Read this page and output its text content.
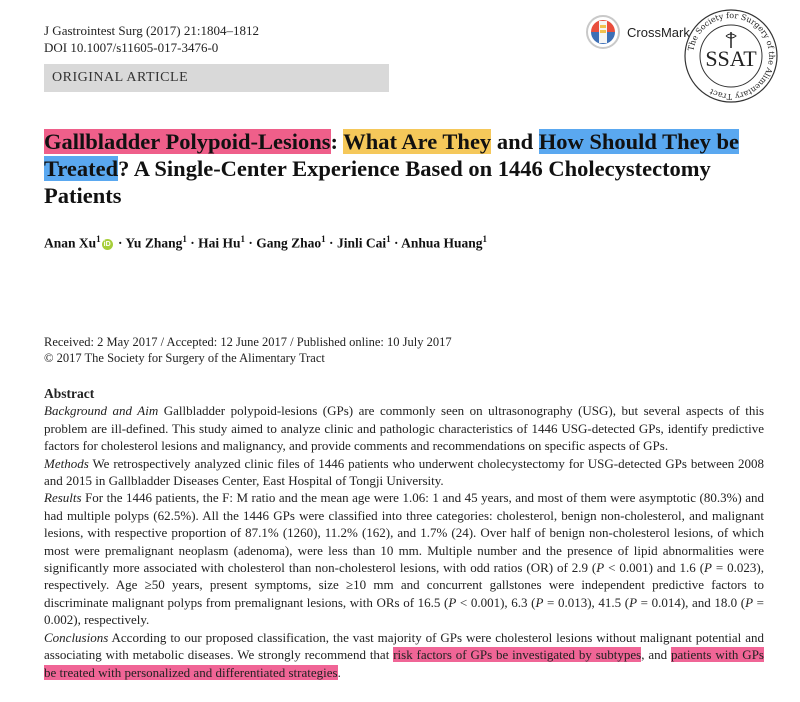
J Gastrointest Surg (2017) 21:1804–1812
DOI 10.1007/s11605-017-3476-0
CrossMark
The Society for Surgery of the Alimentary Tract
SSAT
ORIGINAL ARTICLE
Gallbladder Polypoid-Lesions: What Are They and How Should They be Treated? A Single-Center Experience Based on 1446 Cholecystectomy Patients
Anan $Xu^1iD \cdot Yu$ Zhang$^1$ · Hai $Hu^1$ · Gang Zhao$^1$ · Jinli Cai$^1$ · Anhua Huang$^1$
Received: 2 May 2017 / Accepted: 12 June 2017 / Published online: 10 July 2017
© 2017 The Society for Surgery of the Alimentary Tract
Abstract

Background and Aim Gallbladder polypoid-lesions (GPs) are commonly seen on ultrasonography (USG), but several aspects of this problem are ill-defined. This study aimed to analyze clinic and pathologic characteristics of 1446 USG-detected GPs, identify predictive factors for cholesterol lesions and malignancy, and provide comments and recommendations on specific aspects of GPs.

Methods We retrospectively analyzed clinic files of 1446 patients who underwent cholecystectomy for USG-detected GPs between 2008 and 2015 in Gallbladder Diseases Center, East Hospital of Tongji University.

Results For the 1446 patients, the F: M ratio and the mean age were 1.06: 1 and 45 years, and most of them were asymptotic (80.3%) and had multiple polyps (62.5%). All the 1446 GPs were classified into three categories: cholesterol, benign non-cholesterol, and malignant lesions, with respective proportion of 87.1% (1260), 11.2% (162), and 1.7% (24). Over half of benign non-cholesterol lesions, of which most were premalignant neoplasm (adenoma), were less than 10 mm. Multiple number and the presence of lipid abnormalities were significantly more associated with cholesterol than non-cholesterol lesions, with odd ratios (OR) of 2.9 (P < 0.001) and 1.6 (P = 0.023), respectively. Age ≥50 years, present symptoms, size ≥10 mm and concurrent gallstones were independent predictive factors to discriminate malignant polyps from premalignant lesions, with ORs of 16.5 (P < 0.001), 6.3 (P = 0.013), 41.5 (P = 0.014), and 18.0 (P = 0.002), respectively.

Conclusions According to our proposed classification, the vast majority of GPs were cholesterol lesions without malignant potential and associating with metabolic diseases. We strongly recommend that risk factors of GPs be investigated by subtypes, and patients with GPs be treated with personalized and differentiated strategies.
